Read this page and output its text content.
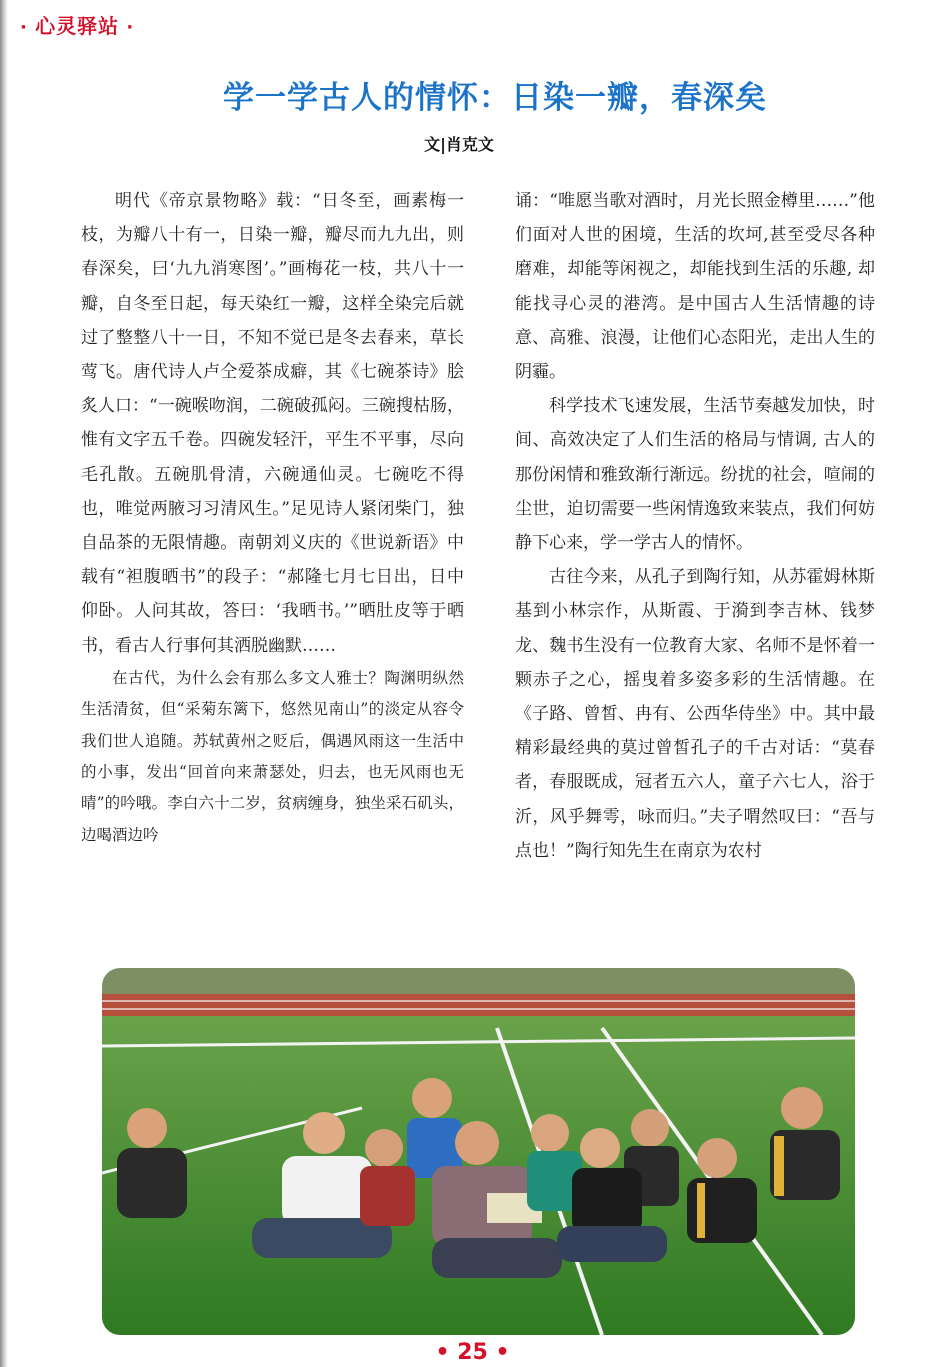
· 心灵驿站 ·
学一学古人的情怀：日染一瓣，春深矣
文|肖克文

明代《帝京景物略》载：“日冬至，画素梅一枝，为瓣八十有一，日染一瓣，瓣尽而九九出，则春深矣，曰‘九九消寒图’。”画梅花一枝，共八十一瓣，自冬至日起，每天染红一瓣，这样全染完后就过了整整八十一日，不知不觉已是冬去春来，草长莺飞。唐代诗人卢仝爱茶成癖，其《七碗茶诗》脍炙人口：“一碗喉吻润，二碗破孤闷。三碗搜枯肠，惟有文字五千卷。四碗发轻汗，平生不平事，尽向毛孔散。五碗肌骨清，六碗通仙灵。七碗吃不得也，唯觉两腋习习清风生。”足见诗人紧闭柴门，独自品茶的无限情趣。南朝刘义庆的《世说新语》中载有“袒腹晒书”的段子：“郝隆七月七日出，日中仰卧。人问其故，答曰：‘我晒书。’”晒肚皮等于晒书，看古人行事何其洒脱幽默……

在古代，为什么会有那么多文人雅士？陶渊明纵然生活清贫，但“采菊东篱下，悠然见南山”的淡定从容令我们世人追随。苏轼黄州之贬后，偶遇风雨这一生活中的小事，发出“回首向来萧瑟处，归去，也无风雨也无晴”的吟哦。李白六十二岁，贫病缠身，独坐采石矶头，边喝酒边吟

诵：“唯愿当歌对酒时，月光长照金樽里……”他们面对人世的困境，生活的坎坷,甚至受尽各种磨难，却能等闲视之，却能找到生活的乐趣, 却能找寻心灵的港湾。是中国古人生活情趣的诗意、高雅、浪漫，让他们心态阳光，走出人生的阴霾。

科学技术飞速发展，生活节奏越发加快，时间、高效决定了人们生活的格局与情调, 古人的那份闲情和雅致渐行渐远。纷扰的社会，喧闹的尘世，迫切需要一些闲情逸致来装点，我们何妨静下心来，学一学古人的情怀。

古往今来，从孔子到陶行知，从苏霍姆林斯基到小林宗作，从斯霞、于漪到李吉林、钱梦龙、魏书生没有一位教育大家、名师不是怀着一颗赤子之心，摇曳着多姿多彩的生活情趣。在《子路、曾皙、冉有、公西华侍坐》中。其中最精彩最经典的莫过曾皙孔子的千古对话：“莫春者，春服既成，冠者五六人，童子六七人，浴于沂，风乎舞雩，咏而归。”夫子喟然叹曰：“吾与点也！”陶行知先生在南京为农村

• 25 •
